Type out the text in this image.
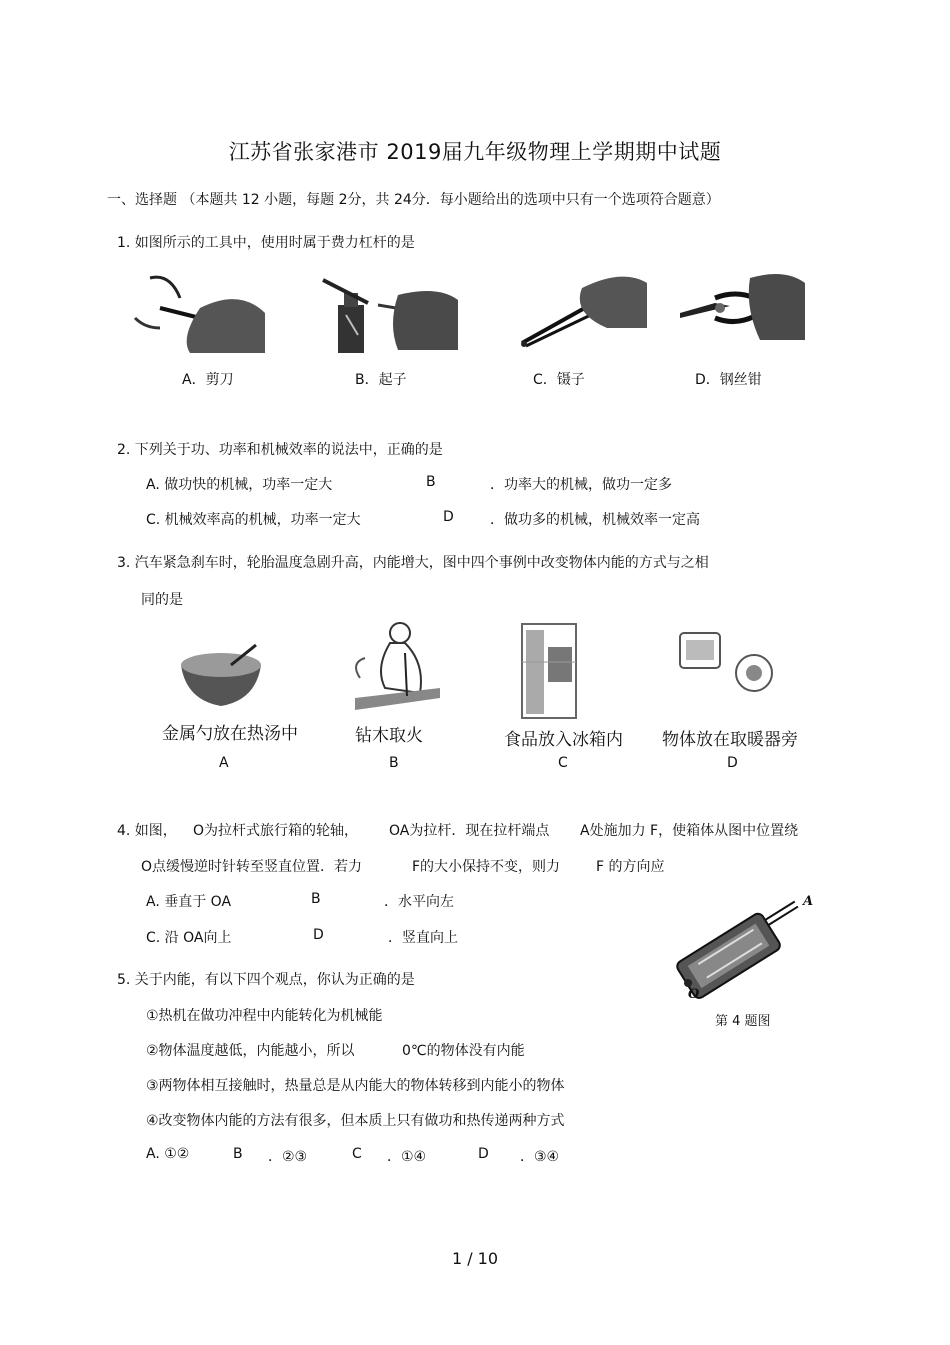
江苏省张家港市 2019届九年级物理上学期期中试题
一、选择题 （本题共 12 小题，每题 2分，共 24分．每小题给出的选项中只有一个选项符合题意）
1. 如图所示的工具中，使用时属于费力杠杆的是
A．剪刀	B．起子	C．镊子	D．钢丝钳
2. 下列关于功、功率和机械效率的说法中，正确的是
A. 做功快的机械，功率一定大	B	．功率大的机械，做功一定多
C. 机械效率高的机械，功率一定大	D	．做功多的机械，机械效率一定高
3. 汽车紧急刹车时，轮胎温度急剧升高，内能增大，图中四个事例中改变物体内能的方式与之相
同的是
金属勺放在热汤中	钻木取火	食品放入冰箱内 物体放在取暖器旁
A	B	C	D
4. 如图， O为拉杆式旅行箱的轮轴， OA为拉杆．现在拉杆端点 A处施加力 F，使箱体从图中位置绕
O点缓慢逆时针转至竖直位置．若力	F的大小保持不变，则力	F 的方向应
A. 垂直于 OA	B	．水平向左
C. 沿 OA向上	D	．竖直向上
A
O
第 4 题图
5. 关于内能，有以下四个观点，你认为正确的是
①热机在做功冲程中内能转化为机械能
②物体温度越低，内能越小，所以	0℃的物体没有内能
③两物体相互接触时，热量总是从内能大的物体转移到内能小的物体
④改变物体内能的方法有很多，但本质上只有做功和热传递两种方式
A. ①②	B ．②③	C ．①④	D ．③④
1 / 10
